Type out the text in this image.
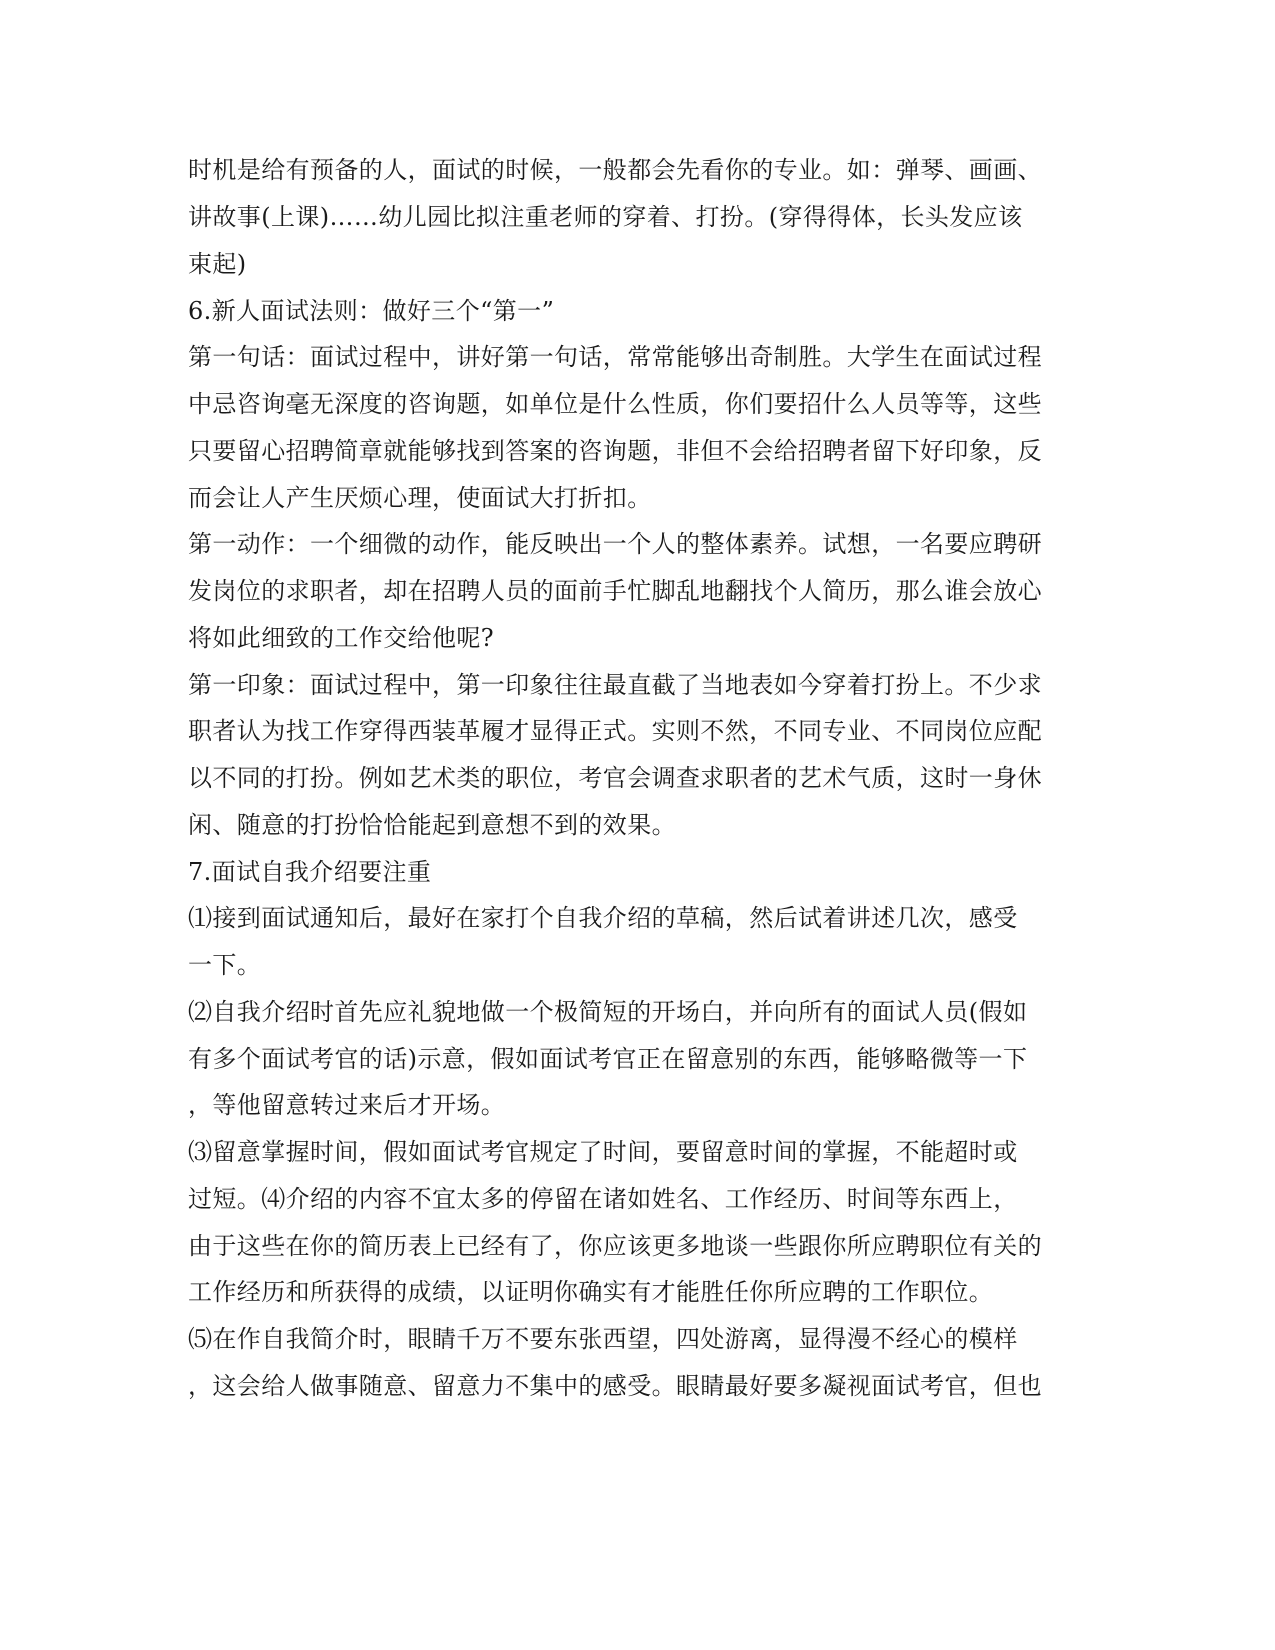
时机是给有预备的人，面试的时候，一般都会先看你的专业。如：弹琴、画画、
讲故事(上课)……幼儿园比拟注重老师的穿着、打扮。(穿得得体，长头发应该
束起)
6.新人面试法则：做好三个“第一”
第一句话：面试过程中，讲好第一句话，常常能够出奇制胜。大学生在面试过程
中忌咨询毫无深度的咨询题，如单位是什么性质，你们要招什么人员等等，这些
只要留心招聘简章就能够找到答案的咨询题，非但不会给招聘者留下好印象，反
而会让人产生厌烦心理，使面试大打折扣。
第一动作：一个细微的动作，能反映出一个人的整体素养。试想，一名要应聘研
发岗位的求职者，却在招聘人员的面前手忙脚乱地翻找个人简历，那么谁会放心
将如此细致的工作交给他呢?
第一印象：面试过程中，第一印象往往最直截了当地表如今穿着打扮上。不少求
职者认为找工作穿得西装革履才显得正式。实则不然，不同专业、不同岗位应配
以不同的打扮。例如艺术类的职位，考官会调查求职者的艺术气质，这时一身休
闲、随意的打扮恰恰能起到意想不到的效果。
7.面试自我介绍要注重
⑴接到面试通知后，最好在家打个自我介绍的草稿，然后试着讲述几次，感受
一下。
⑵自我介绍时首先应礼貌地做一个极简短的开场白，并向所有的面试人员(假如
有多个面试考官的话)示意，假如面试考官正在留意别的东西，能够略微等一下
，等他留意转过来后才开场。
⑶留意掌握时间，假如面试考官规定了时间，要留意时间的掌握，不能超时或
过短。⑷介绍的内容不宜太多的停留在诸如姓名、工作经历、时间等东西上，
由于这些在你的简历表上已经有了，你应该更多地谈一些跟你所应聘职位有关的
工作经历和所获得的成绩，以证明你确实有才能胜任你所应聘的工作职位。
⑸在作自我简介时，眼睛千万不要东张西望，四处游离，显得漫不经心的模样
，这会给人做事随意、留意力不集中的感受。眼睛最好要多凝视面试考官，但也
